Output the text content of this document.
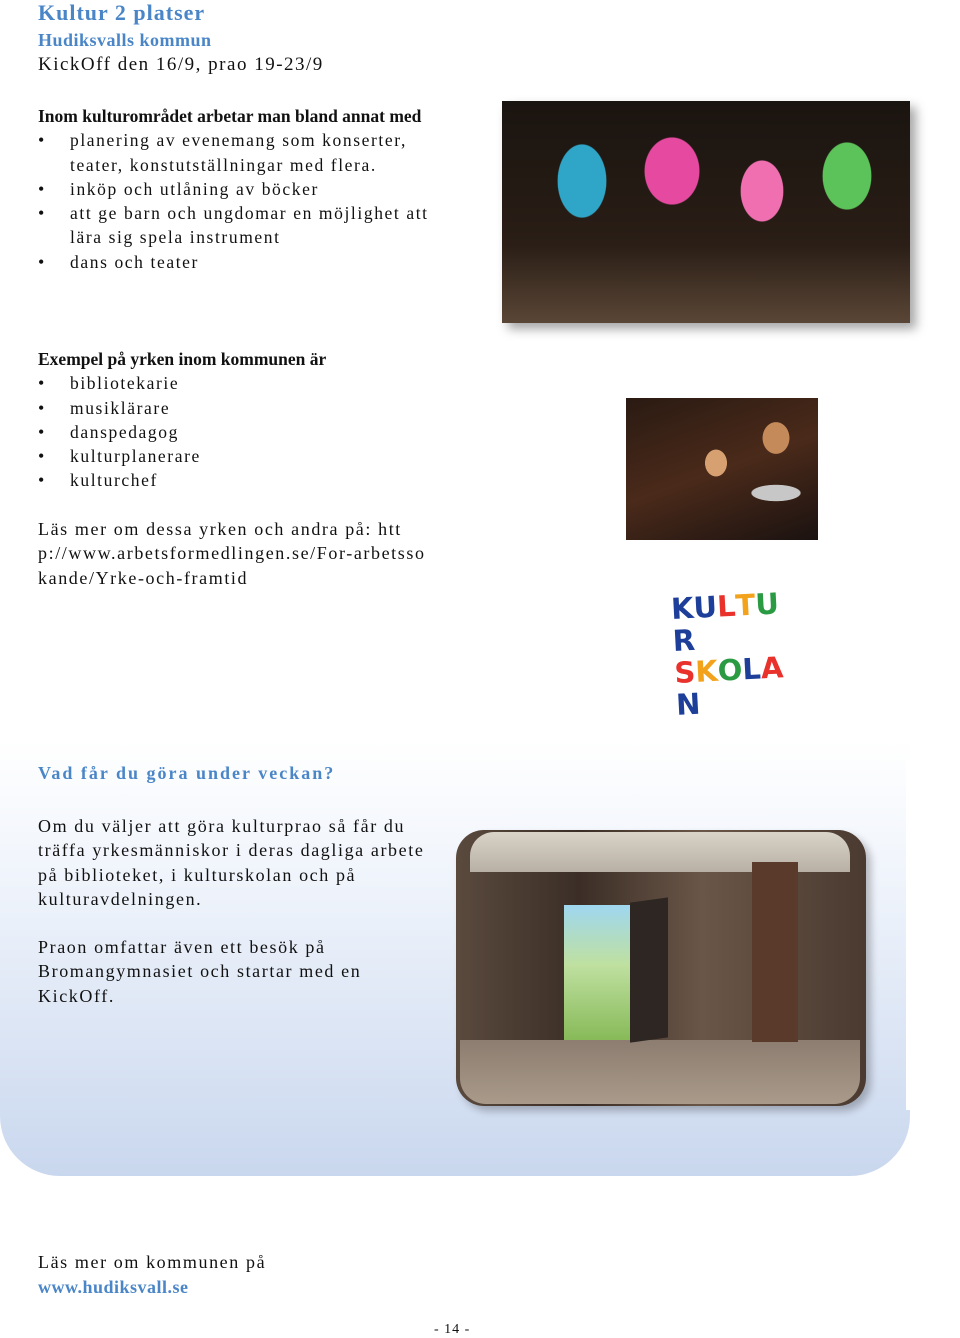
Kultur 2 platser
Hudiksvalls kommun
KickOff den 16/9, prao 19-23/9
Inom kulturområdet arbetar man bland annat med
• planering av evenemang som konserter, teater, konstutställningar med flera.
• inköp och utlåning av böcker
• att ge barn och ungdomar en möjlighet att lära sig spela instrument
• dans och teater
Exempel på yrken inom kommunen är
• bibliotekarie
• musiklärare
• danspedagog
• kulturplanerare
• kulturchef
Läs mer om dessa yrken och andra på: http://www.arbetsformedlingen.se/For-arbetssokande/Yrke-och-framtid
KULTUR
SKOLAN
Vad får du göra under veckan?
Om du väljer att göra kulturprao så får du träffa yrkesmänniskor i deras dagliga arbete på biblioteket, i kulturskolan och på kulturavdelningen.
Praon omfattar även ett besök på Bromangymnasiet och startar med en KickOff.
Läs mer om kommunen på
www.hudiksvall.se
- 14 -
